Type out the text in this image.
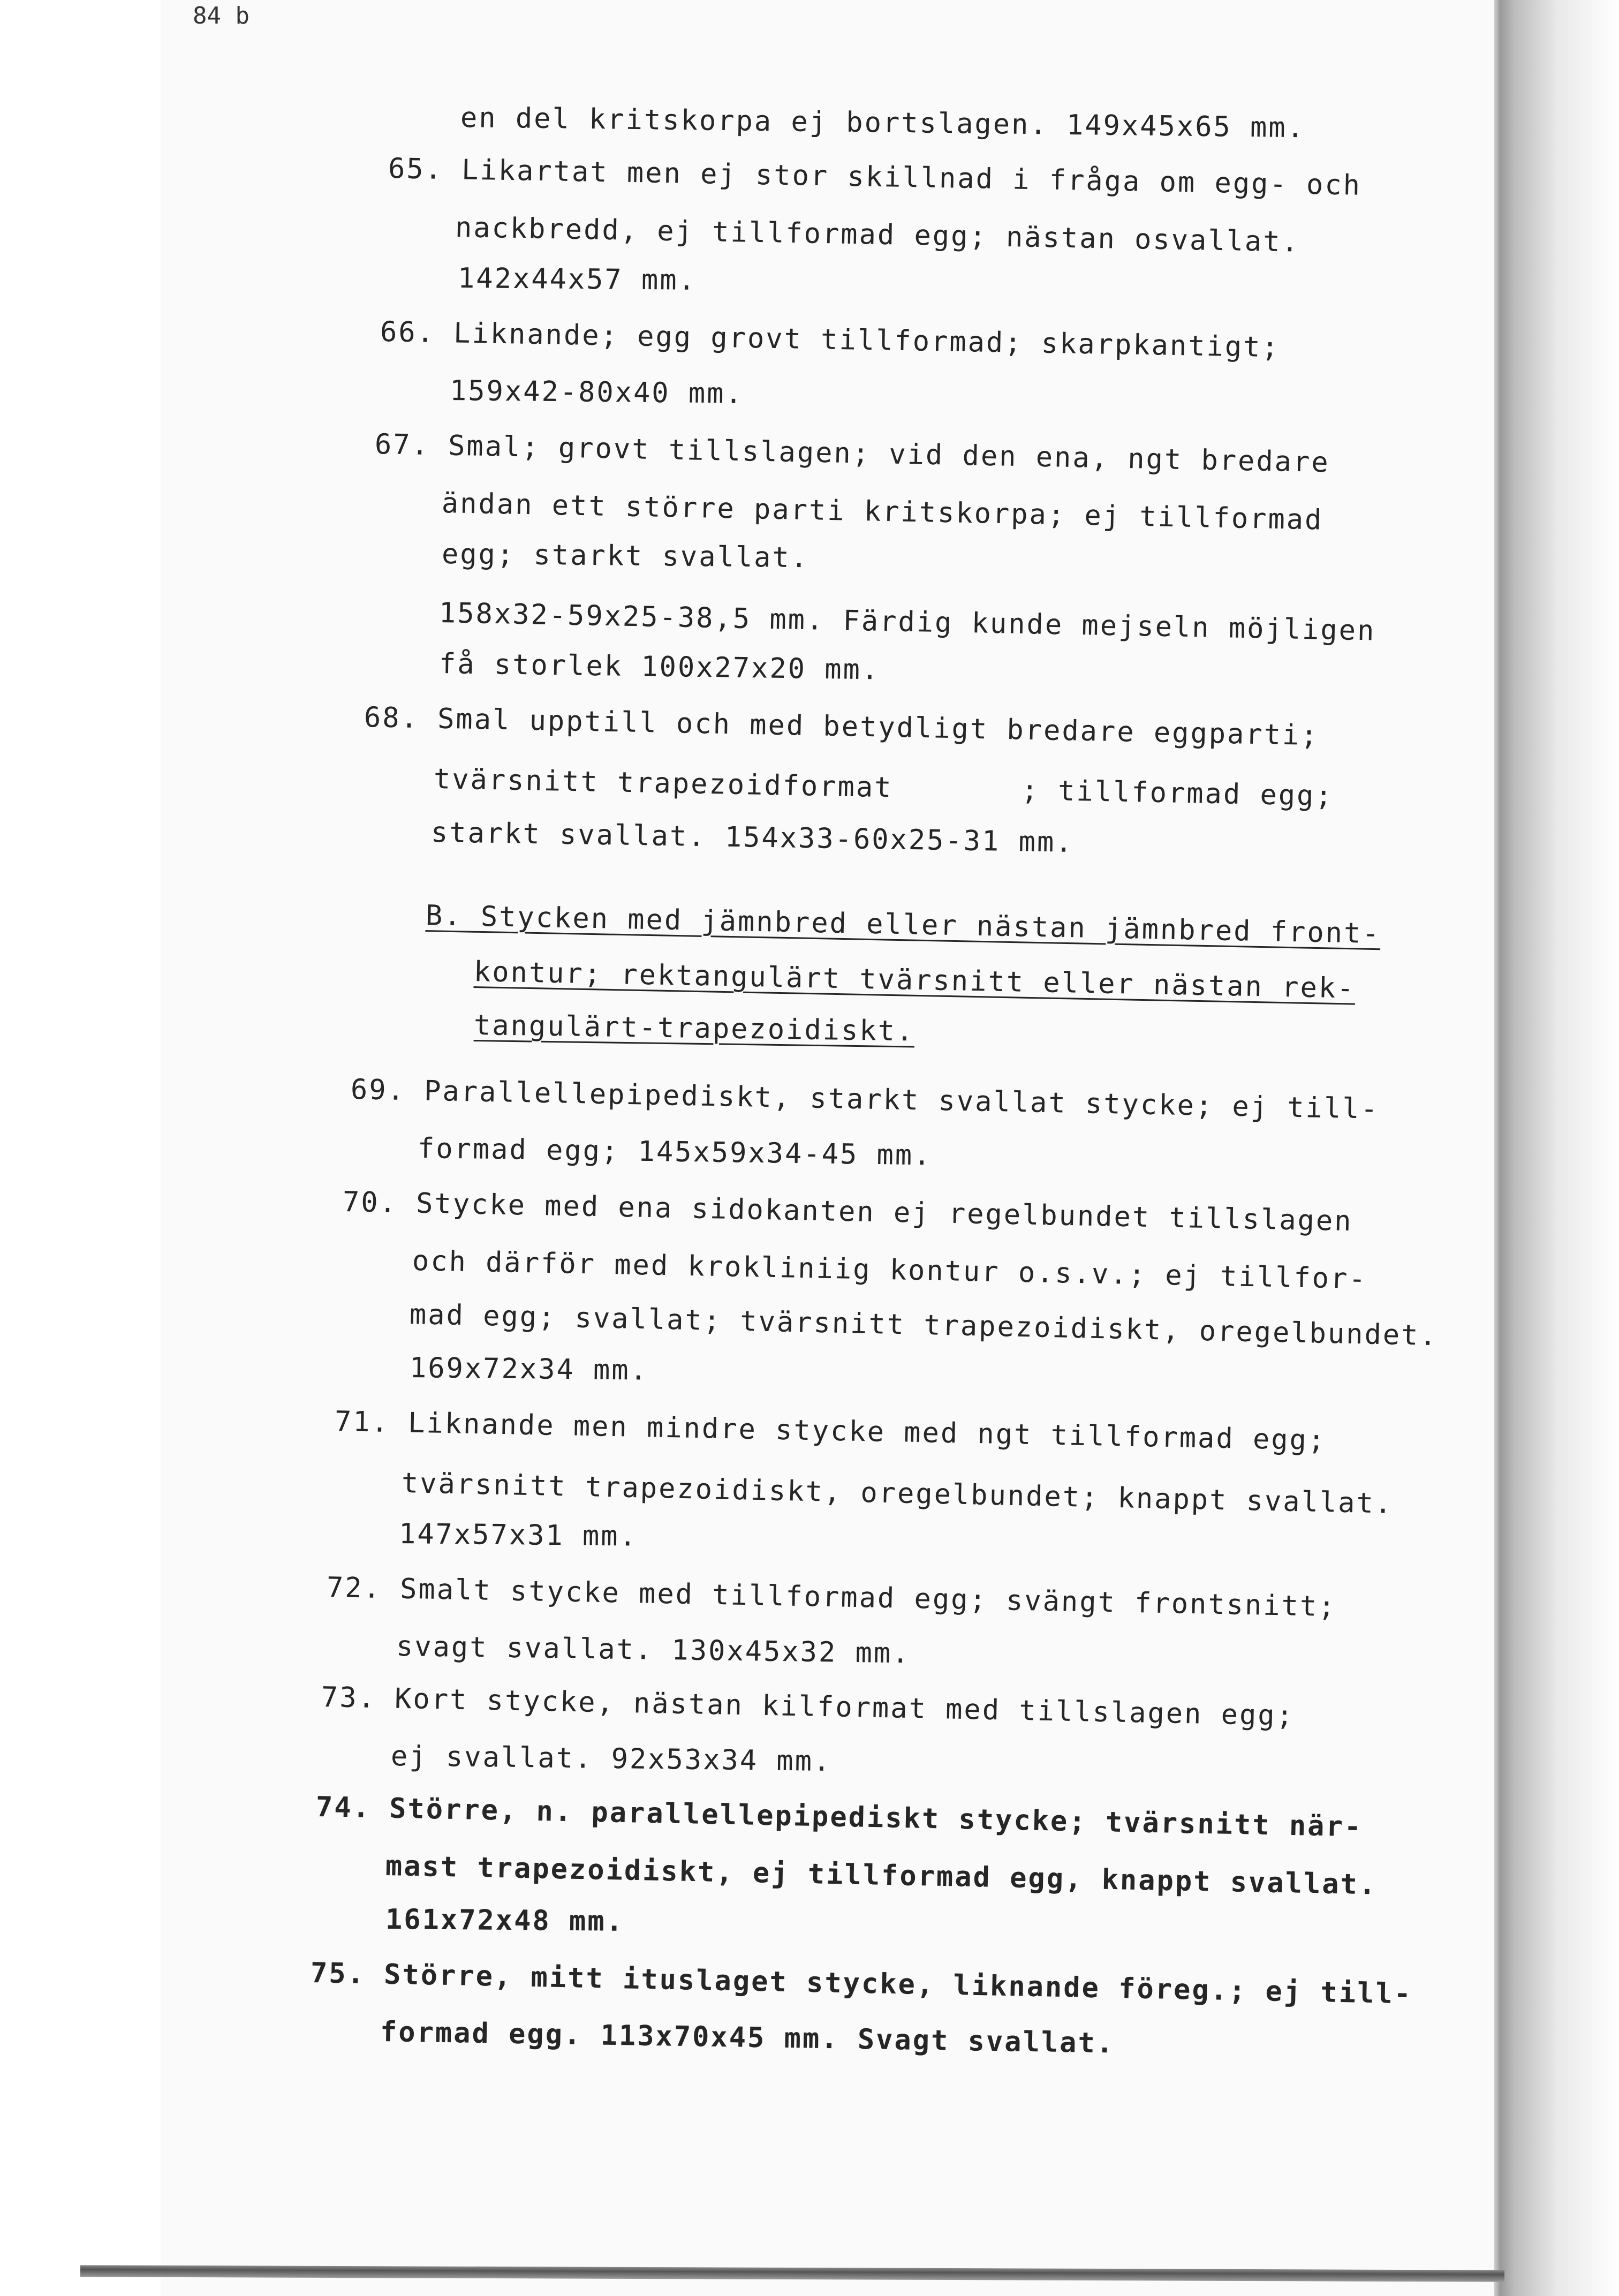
84 b
en del kritskorpa ej bortslagen. 149x45x65 mm.
65. Likartat men ej stor skillnad i fråga om egg- och
nackbredd, ej tillformad egg; nästan osvallat.
142x44x57 mm.
66. Liknande; egg grovt tillformad; skarpkantigt;
159x42-80x40 mm.
67. Smal; grovt tillslagen; vid den ena, ngt bredare
ändan ett större parti kritskorpa; ej tillformad
egg; starkt svallat.
158x32-59x25-38,5 mm. Färdig kunde mejseln möjligen
få storlek 100x27x20 mm.
68. Smal upptill och med betydligt bredare eggparti;
tvärsnitt trapezoidformat       ; tillformad egg;
starkt svallat. 154x33-60x25-31 mm.
B. Stycken med jämnbred eller nästan jämnbred front-
kontur; rektangulärt tvärsnitt eller nästan rek-
tangulärt-trapezoidiskt.
69. Parallellepipediskt, starkt svallat stycke; ej till-
formad egg; 145x59x34-45 mm.
70. Stycke med ena sidokanten ej regelbundet tillslagen
och därför med krokliniig kontur o.s.v.; ej tillfor-
mad egg; svallat; tvärsnitt trapezoidiskt, oregelbundet.
169x72x34 mm.
71. Liknande men mindre stycke med ngt tillformad egg;
tvärsnitt trapezoidiskt, oregelbundet; knappt svallat.
147x57x31 mm.
72. Smalt stycke med tillformad egg; svängt frontsnitt;
svagt svallat. 130x45x32 mm.
73. Kort stycke, nästan kilformat med tillslagen egg;
ej svallat. 92x53x34 mm.
74. Större, n. parallellepipediskt stycke; tvärsnitt när-
mast trapezoidiskt, ej tillformad egg, knappt svallat.
161x72x48 mm.
75. Större, mitt ituslaget stycke, liknande föreg.; ej till-
formad egg. 113x70x45 mm. Svagt svallat.
